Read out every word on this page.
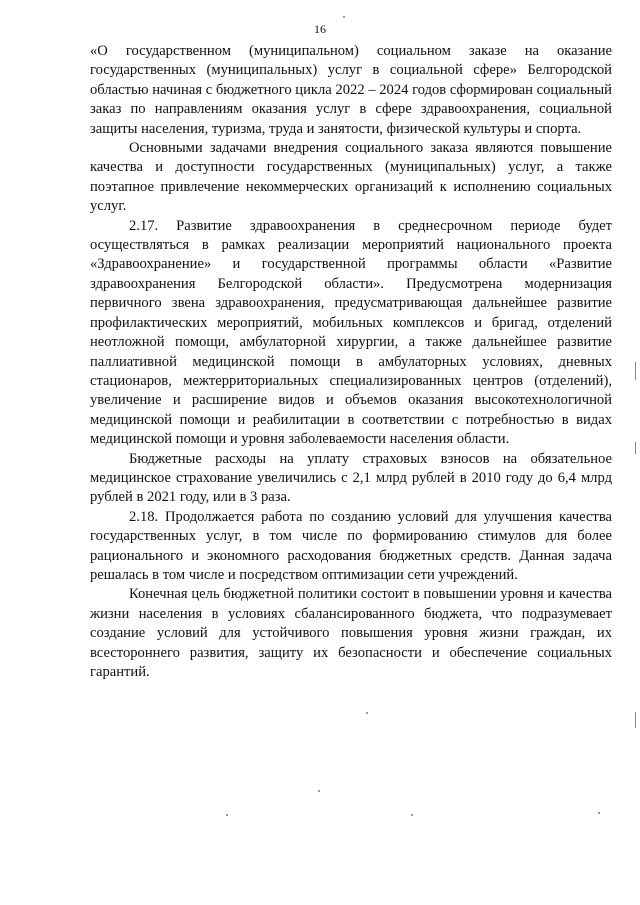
16

«О государственном (муниципальном) социальном заказе на оказание государственных (муниципальных) услуг в социальной сфере» Белгородской областью начиная с бюджетного цикла 2022 – 2024 годов сформирован социальный заказ по направлениям оказания услуг в сфере здравоохранения, социальной защиты населения, туризма, труда и занятости, физической культуры и спорта.

Основными задачами внедрения социального заказа являются повышение качества и доступности государственных (муниципальных) услуг, а также поэтапное привлечение некоммерческих организаций к исполнению социальных услуг.

2.17. Развитие здравоохранения в среднесрочном периоде будет осуществляться в рамках реализации мероприятий национального проекта «Здравоохранение» и государственной программы области «Развитие здравоохранения Белгородской области». Предусмотрена модернизация первичного звена здравоохранения, предусматривающая дальнейшее развитие профилактических мероприятий, мобильных комплексов и бригад, отделений неотложной помощи, амбулаторной хирургии, а также дальнейшее развитие паллиативной медицинской помощи в амбулаторных условиях, дневных стационаров, межтерриториальных специализированных центров (отделений), увеличение и расширение видов и объемов оказания высокотехнологичной медицинской помощи и реабилитации в соответствии с потребностью в видах медицинской помощи и уровня заболеваемости населения области.

Бюджетные расходы на уплату страховых взносов на обязательное медицинское страхование увеличились с 2,1 млрд рублей в 2010 году до 6,4 млрд рублей в 2021 году, или в 3 раза.

2.18. Продолжается работа по созданию условий для улучшения качества государственных услуг, в том числе по формированию стимулов для более рационального и экономного расходования бюджетных средств. Данная задача решалась в том числе и посредством оптимизации сети учреждений.

Конечная цель бюджетной политики состоит в повышении уровня и качества жизни населения в условиях сбалансированного бюджета, что подразумевает создание условий для устойчивого повышения уровня жизни граждан, их всестороннего развития, защиту их безопасности и обеспечение социальных гарантий.
